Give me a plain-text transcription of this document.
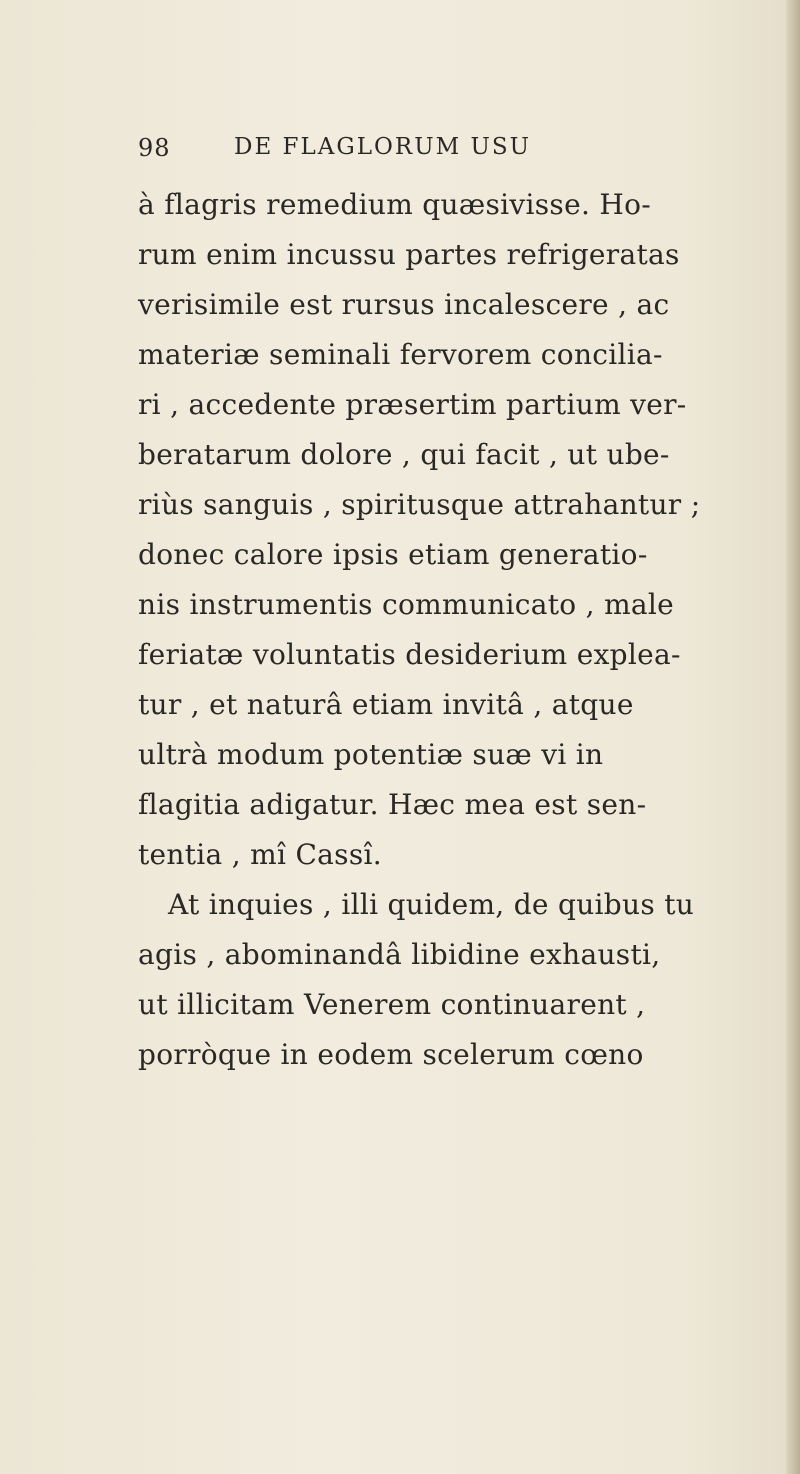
98	DE FLAGLORUM USU
à flagris remedium quæsivisse. Ho-
rum enim incussu partes refrigeratas
verisimile est rursus incalescere , ac
materiæ seminali fervorem concilia-
ri , accedente præsertim partium ver-
beratarum dolore , qui facit , ut ube-
riùs sanguis , spiritusque attrahantur ;
donec calore ipsis etiam generatio-
nis instrumentis communicato , male
feriatæ voluntatis desiderium explea-
tur , et naturâ etiam invitâ , atque
ultrà modum potentiæ suæ vi in
flagitia adigatur. Hæc mea est sen-
tentia , mî Cassî.
At inquies , illi quidem, de quibus tu
agis , abominandâ libidine exhausti,
ut illicitam Venerem continuarent ,
porròque in eodem scelerum cœno
